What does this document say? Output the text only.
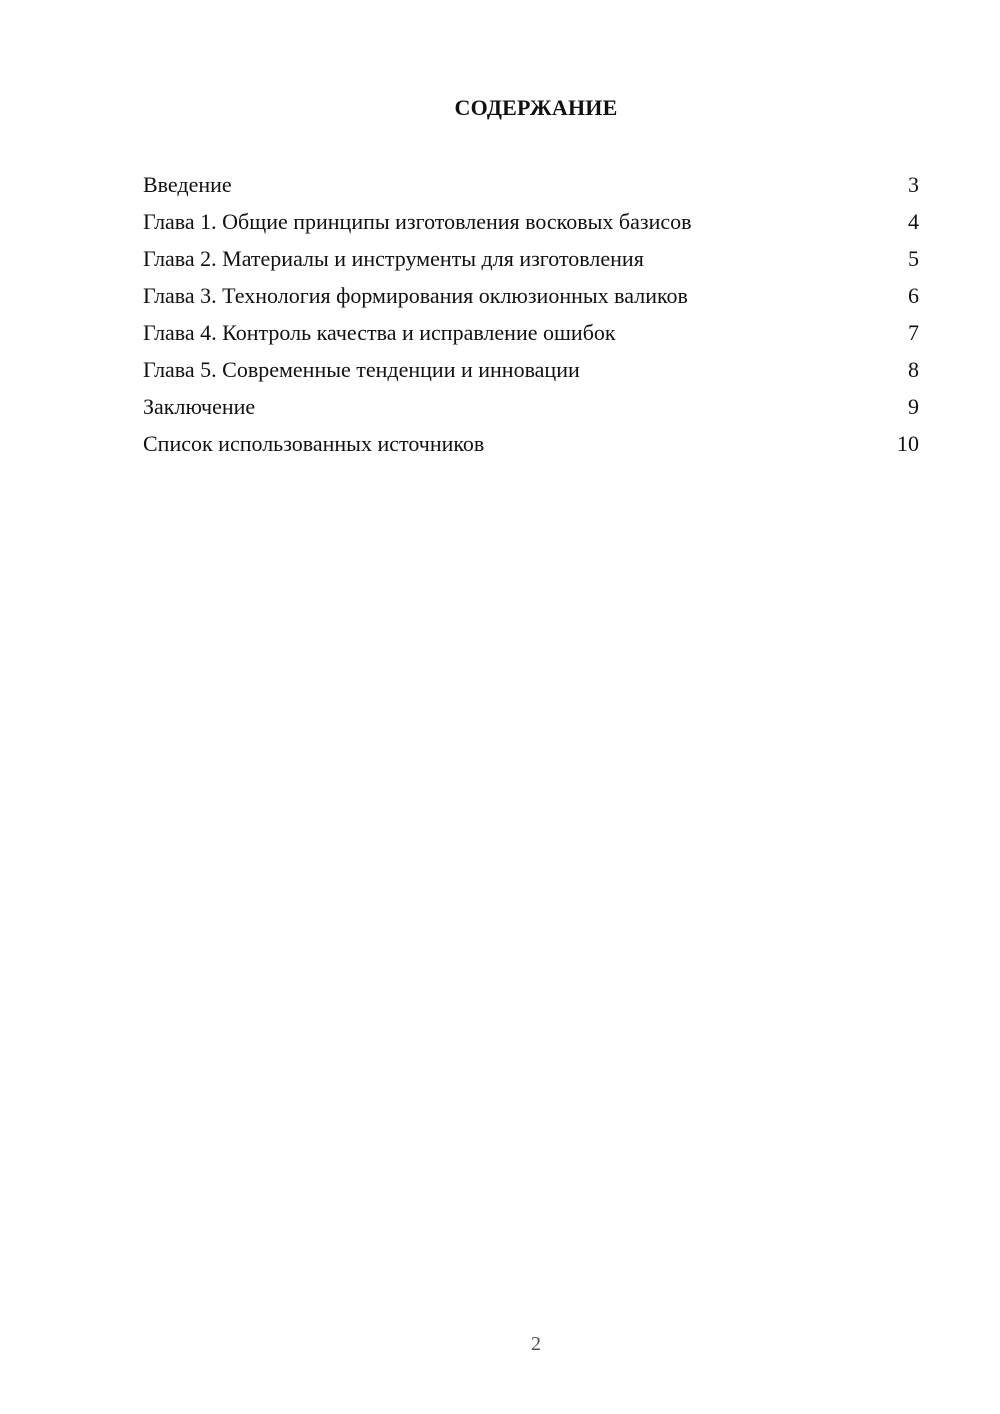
СОДЕРЖАНИЕ
Введение	3
Глава 1. Общие принципы изготовления восковых базисов	4
Глава 2. Материалы и инструменты для изготовления	5
Глава 3. Технология формирования оклюзионных валиков	6
Глава 4. Контроль качества и исправление ошибок	7
Глава 5. Современные тенденции и инновации	8
Заключение	9
Список использованных источников	10
2
